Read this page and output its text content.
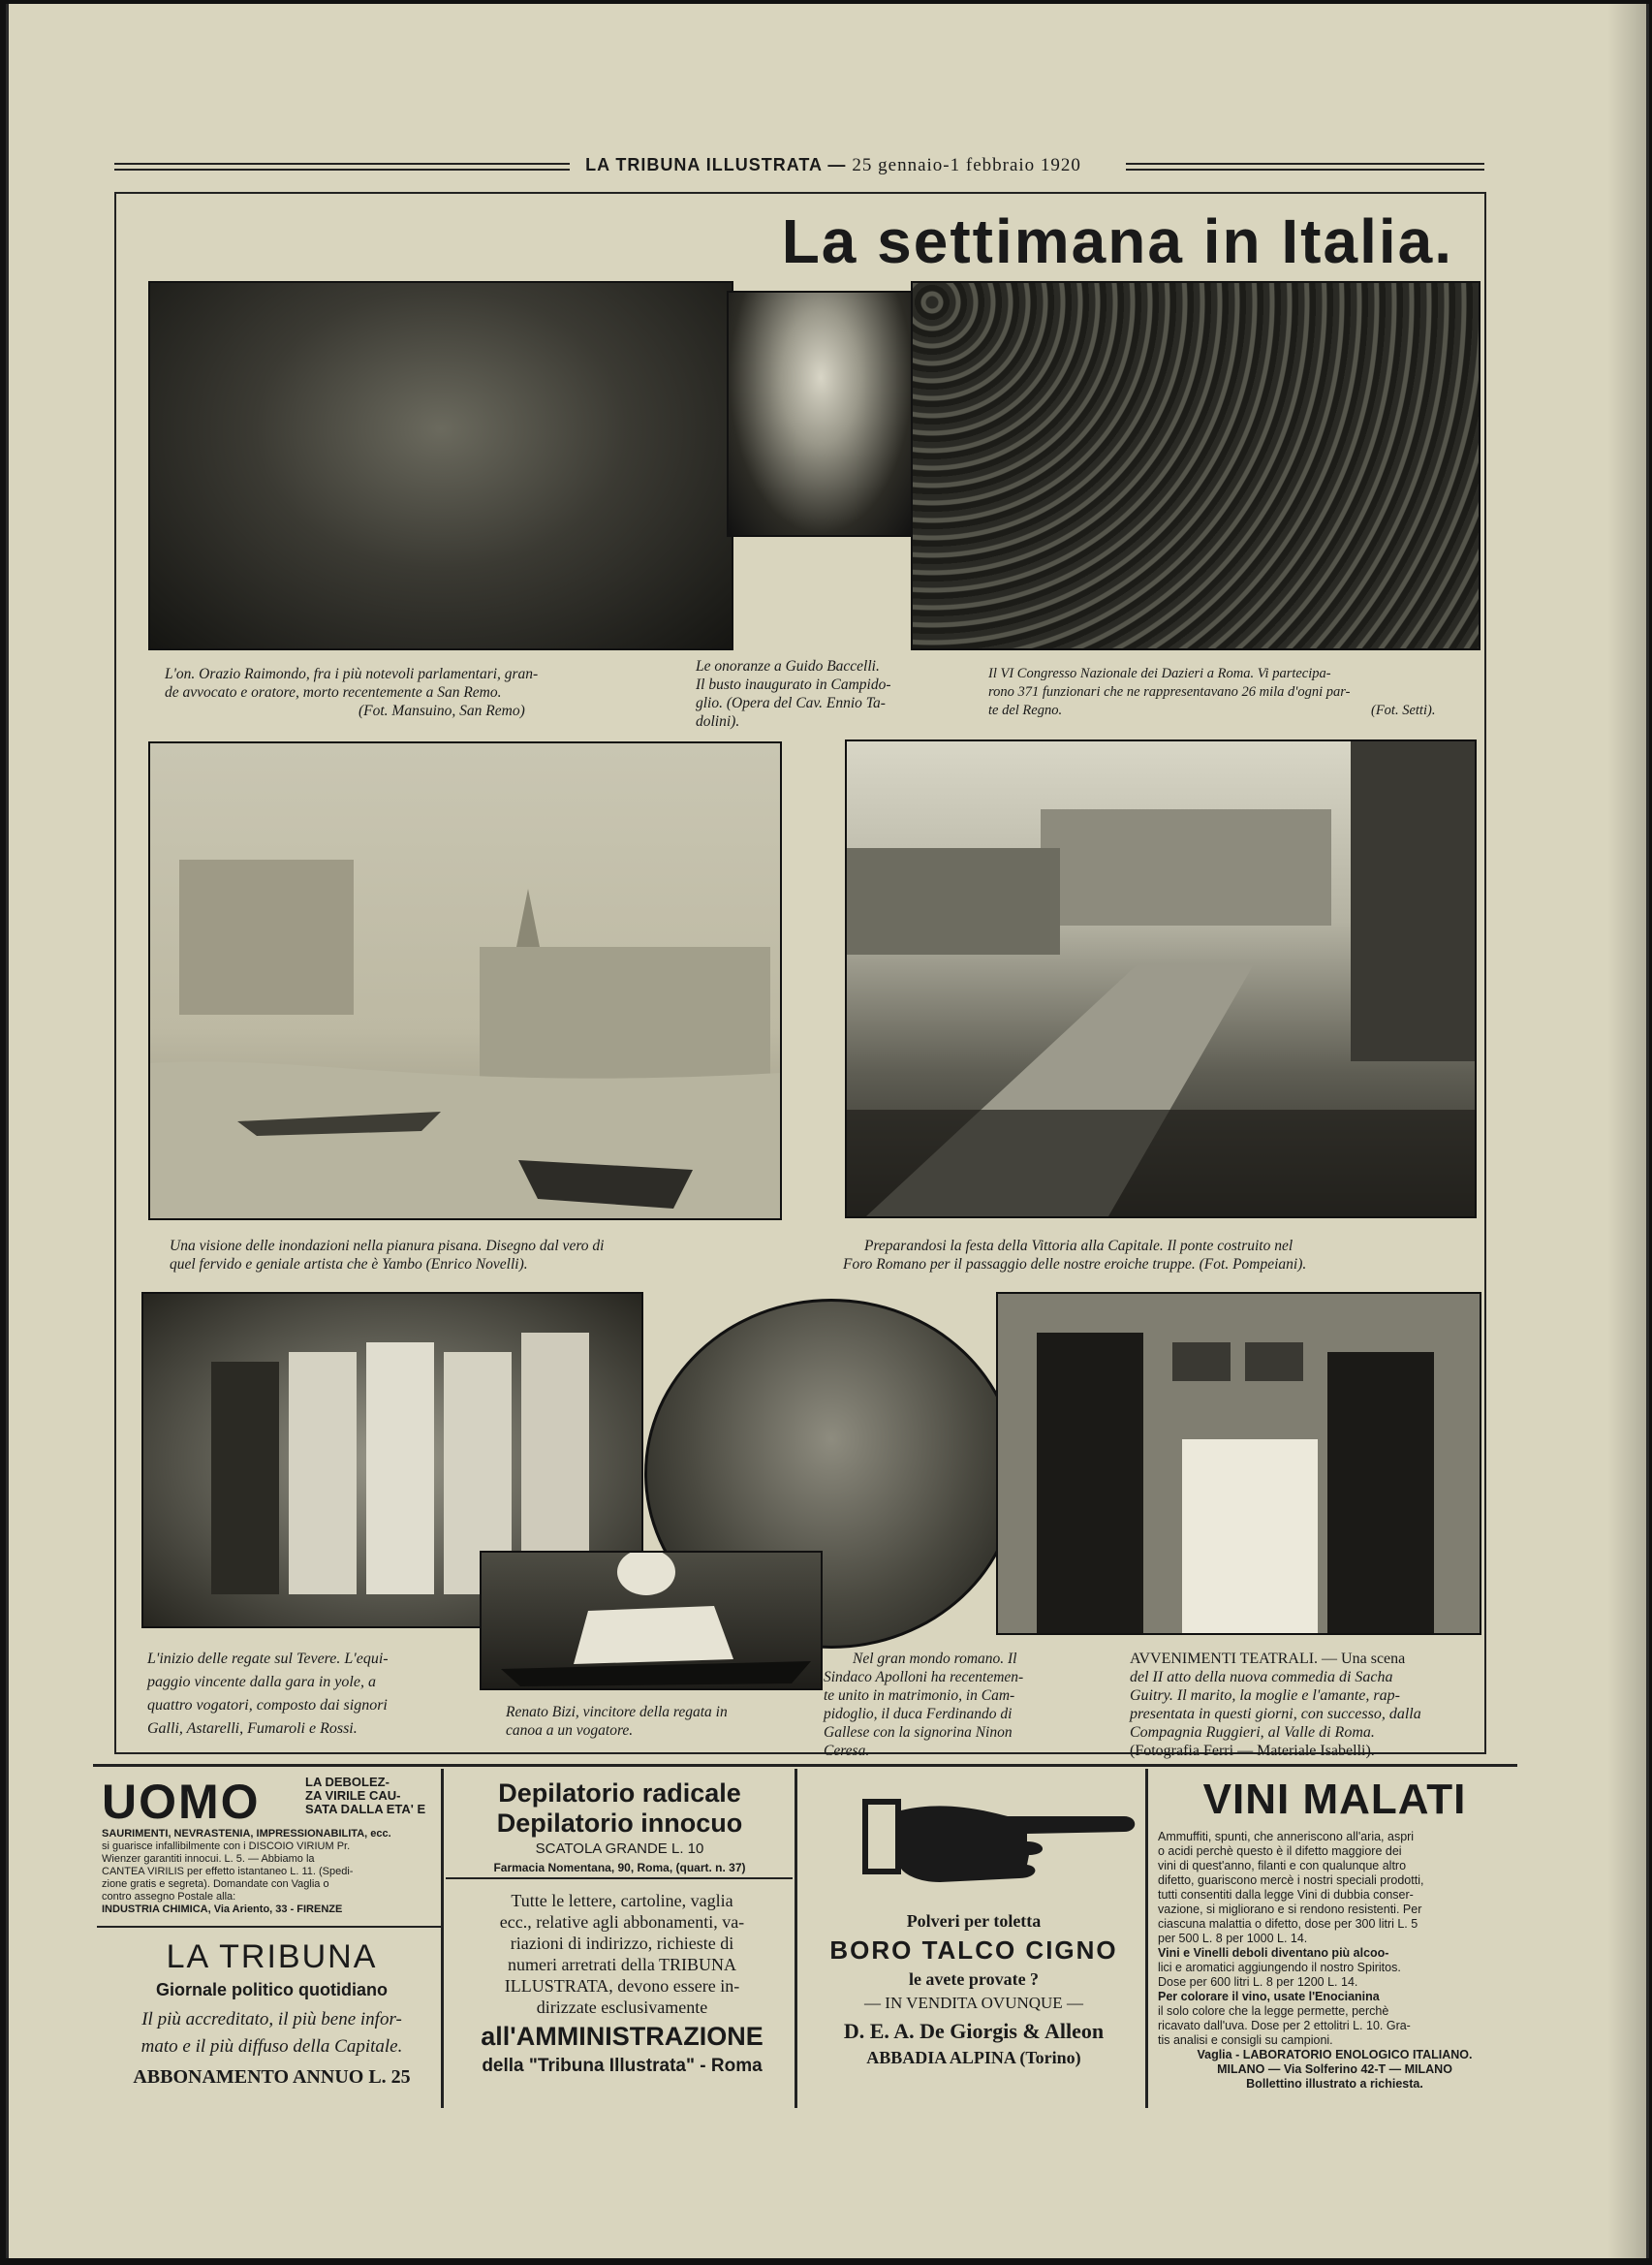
LA TRIBUNA ILLUSTRATA — 25 gennaio-1 febbraio 1920
La settimana in Italia.
L'on. Orazio Raimondo, fra i più notevoli parlamentari, gran-
de avvocato e oratore, morto recentemente a San Remo.
(Fot. Mansuino, San Remo)
Le onoranze a Guido Baccelli.
Il busto inaugurato in Campido-
glio. (Opera del Cav. Ennio Ta-
dolini).
Il VI Congresso Nazionale dei Dazieri a Roma. Vi partecipa-
rono 371 funzionari che ne rappresentavano 26 mila d'ogni par-
te del Regno.	(Fot. Setti).
Una visione delle inondazioni nella pianura pisana. Disegno dal vero di
quel fervido e geniale artista che è Yambo (Enrico Novelli).
Preparandosi la festa della Vittoria alla Capitale. Il ponte costruito nel
Foro Romano per il passaggio delle nostre eroiche truppe. (Fot. Pompeiani).
L'inizio delle regate sul Tevere. L'equi-
paggio vincente dalla gara in yole, a
quattro vogatori, composto dai signori
Galli, Astarelli, Fumaroli e Rossi.
Renato Bizi, vincitore della regata in
canoa a un vogatore.
Nel gran mondo romano. Il
Sindaco Apolloni ha recentemen-
te unito in matrimonio, in Cam-
pidoglio, il duca Ferdinando di
Gallese con la signorina Ninon
Ceresa.
AVVENIMENTI TEATRALI. — Una scena
del II atto della nuova commedia di Sacha
Guitry. Il marito, la moglie e l'amante, rap-
presentata in questi giorni, con successo, dalla
Compagnia Ruggieri, al Valle di Roma.
(Fotografia Ferri — Materiale Isabelli).
UOMO	LA DEBOLEZ-
ZA VIRILE CAU-
SATA DALLA ETA' E
SAURIMENTI, NEVRASTENIA, IMPRESSIONABILITA, ecc.
si guarisce infallibilmente con i DISCOIO VIRIUM Pr.
Wienzer garantiti innocui. L. 5. — Abbiamo la
CANTEA VIRILIS per effetto istantaneo L. 11. (Spedi-
zione gratis e segreta). Domandate con Vaglia o
contro assegno Postale alla:
INDUSTRIA CHIMICA, Via Ariento, 33 - FIRENZE
LA TRIBUNA
Giornale politico quotidiano
Il più accreditato, il più bene infor-
mato e il più diffuso della Capitale.
ABBONAMENTO ANNUO L. 25
Depilatorio radicale
Depilatorio innocuo
SCATOLA GRANDE L. 10
Farmacia Nomentana, 90, Roma, (quart. n. 37)
Tutte le lettere, cartoline, vaglia
ecc., relative agli abbonamenti, va-
riazioni di indirizzo, richieste di
numeri arretrati della TRIBUNA
ILLUSTRATA, devono essere in-
dirizzate esclusivamente
all'AMMINISTRAZIONE
della "Tribuna Illustrata" - Roma
Polveri per toletta
BORO TALCO CIGNO
le avete provate ?
— IN VENDITA OVUNQUE —
D. E. A. De Giorgis & Alleon
ABBADIA ALPINA (Torino)
VINI MALATI
Ammuffiti, spunti, che anneriscono all'aria, aspri
o acidi perchè questo è il difetto maggiore dei
vini di quest'anno, filanti e con qualunque altro
difetto, guariscono mercè i nostri speciali prodotti,
tutti consentiti dalla legge Vini di dubbia conser-
vazione, si migliorano e si rendono resistenti. Per
ciascuna malattia o difetto, dose per 300 litri L. 5
per 500 L. 8 per 1000 L. 14.
Vini e Vinelli deboli diventano più alcoo-
lici e aromatici aggiungendo il nostro Spiritos.
Dose per 600 litri L. 8 per 1200 L. 14.
Per colorare il vino, usate l'Enocianina
il solo colore che la legge permette, perchè
ricavato dall'uva. Dose per 2 ettolitri L. 10. Gra-
tis analisi e consigli su campioni.
Vaglia - LABORATORIO ENOLOGICO ITALIANO.
MILANO — Via Solferino 42-T — MILANO
Bollettino illustrato a richiesta.
